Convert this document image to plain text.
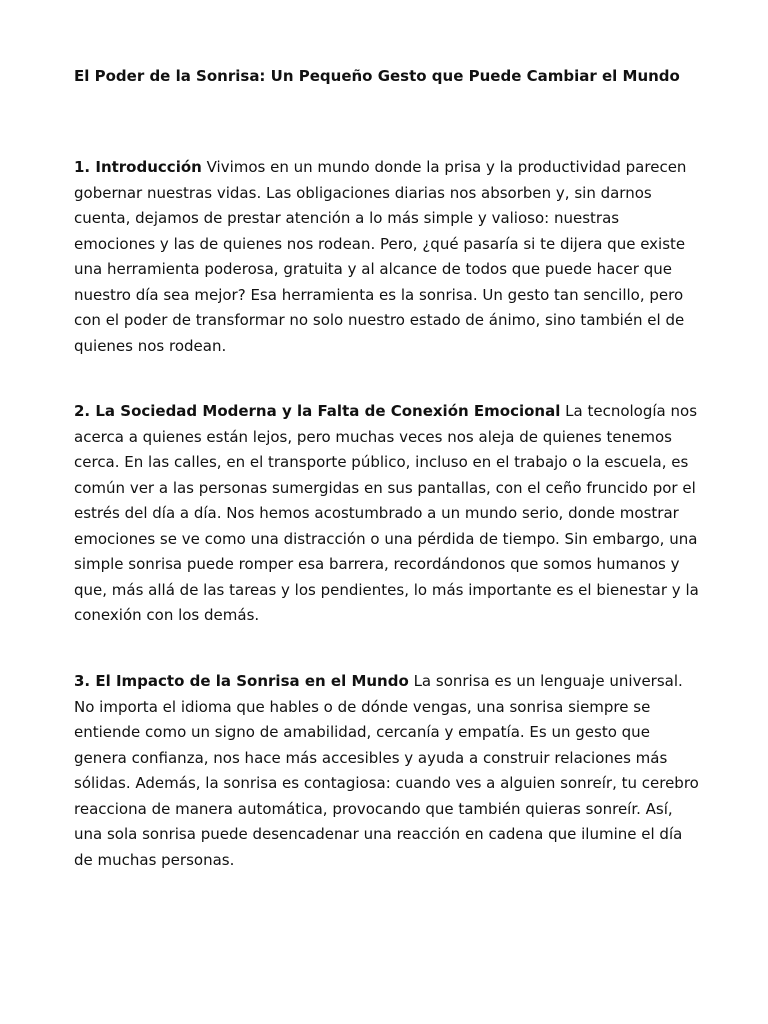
El Poder de la Sonrisa: Un Pequeño Gesto que Puede Cambiar el Mundo

1. Introducción Vivimos en un mundo donde la prisa y la productividad parecen gobernar nuestras vidas. Las obligaciones diarias nos absorben y, sin darnos cuenta, dejamos de prestar atención a lo más simple y valioso: nuestras emociones y las de quienes nos rodean. Pero, ¿qué pasaría si te dijera que existe una herramienta poderosa, gratuita y al alcance de todos que puede hacer que nuestro día sea mejor? Esa herramienta es la sonrisa. Un gesto tan sencillo, pero con el poder de transformar no solo nuestro estado de ánimo, sino también el de quienes nos rodean.

2. La Sociedad Moderna y la Falta de Conexión Emocional La tecnología nos acerca a quienes están lejos, pero muchas veces nos aleja de quienes tenemos cerca. En las calles, en el transporte público, incluso en el trabajo o la escuela, es común ver a las personas sumergidas en sus pantallas, con el ceño fruncido por el estrés del día a día. Nos hemos acostumbrado a un mundo serio, donde mostrar emociones se ve como una distracción o una pérdida de tiempo. Sin embargo, una simple sonrisa puede romper esa barrera, recordándonos que somos humanos y que, más allá de las tareas y los pendientes, lo más importante es el bienestar y la conexión con los demás.

3. El Impacto de la Sonrisa en el Mundo La sonrisa es un lenguaje universal. No importa el idioma que hables o de dónde vengas, una sonrisa siempre se entiende como un signo de amabilidad, cercanía y empatía. Es un gesto que genera confianza, nos hace más accesibles y ayuda a construir relaciones más sólidas. Además, la sonrisa es contagiosa: cuando ves a alguien sonreír, tu cerebro reacciona de manera automática, provocando que también quieras sonreír. Así, una sola sonrisa puede desencadenar una reacción en cadena que ilumine el día de muchas personas.
